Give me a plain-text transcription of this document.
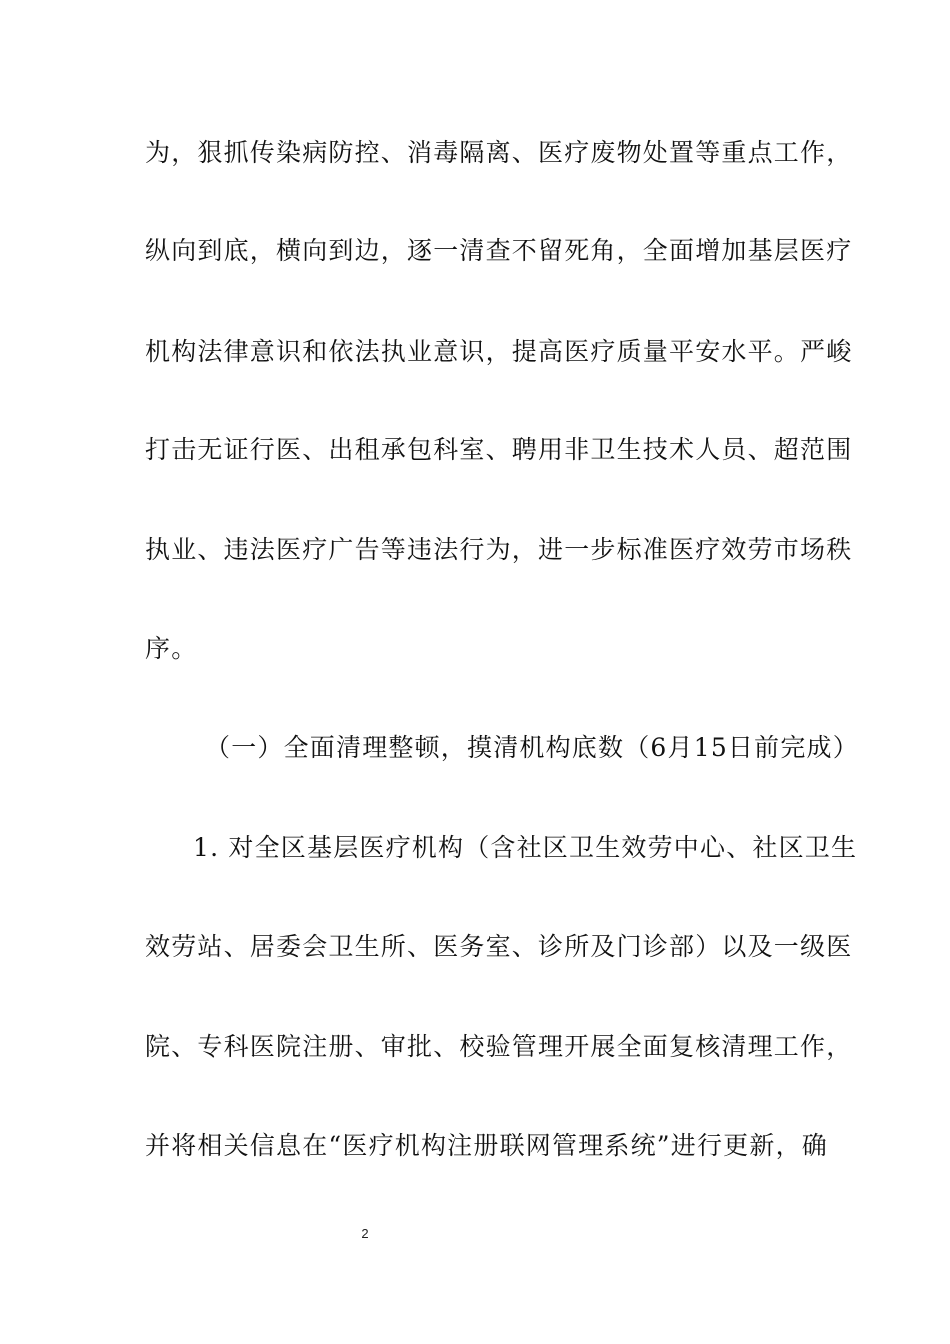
为，狠抓传染病防控、消毒隔离、医疗废物处置等重点工作，
纵向到底，横向到边，逐一清查不留死角，全面增加基层医疗
机构法律意识和依法执业意识，提高医疗质量平安水平。严峻
打击无证行医、出租承包科室、聘用非卫生技术人员、超范围
执业、违法医疗广告等违法行为，进一步标准医疗效劳市场秩
序。
（一）全面清理整顿，摸清机构底数（6月15日前完成）
1. 对全区基层医疗机构（含社区卫生效劳中心、社区卫生
效劳站、居委会卫生所、医务室、诊所及门诊部）以及一级医
院、专科医院注册、审批、校验管理开展全面复核清理工作，
并将相关信息在“医疗机构注册联网管理系统”进行更新，确
2
